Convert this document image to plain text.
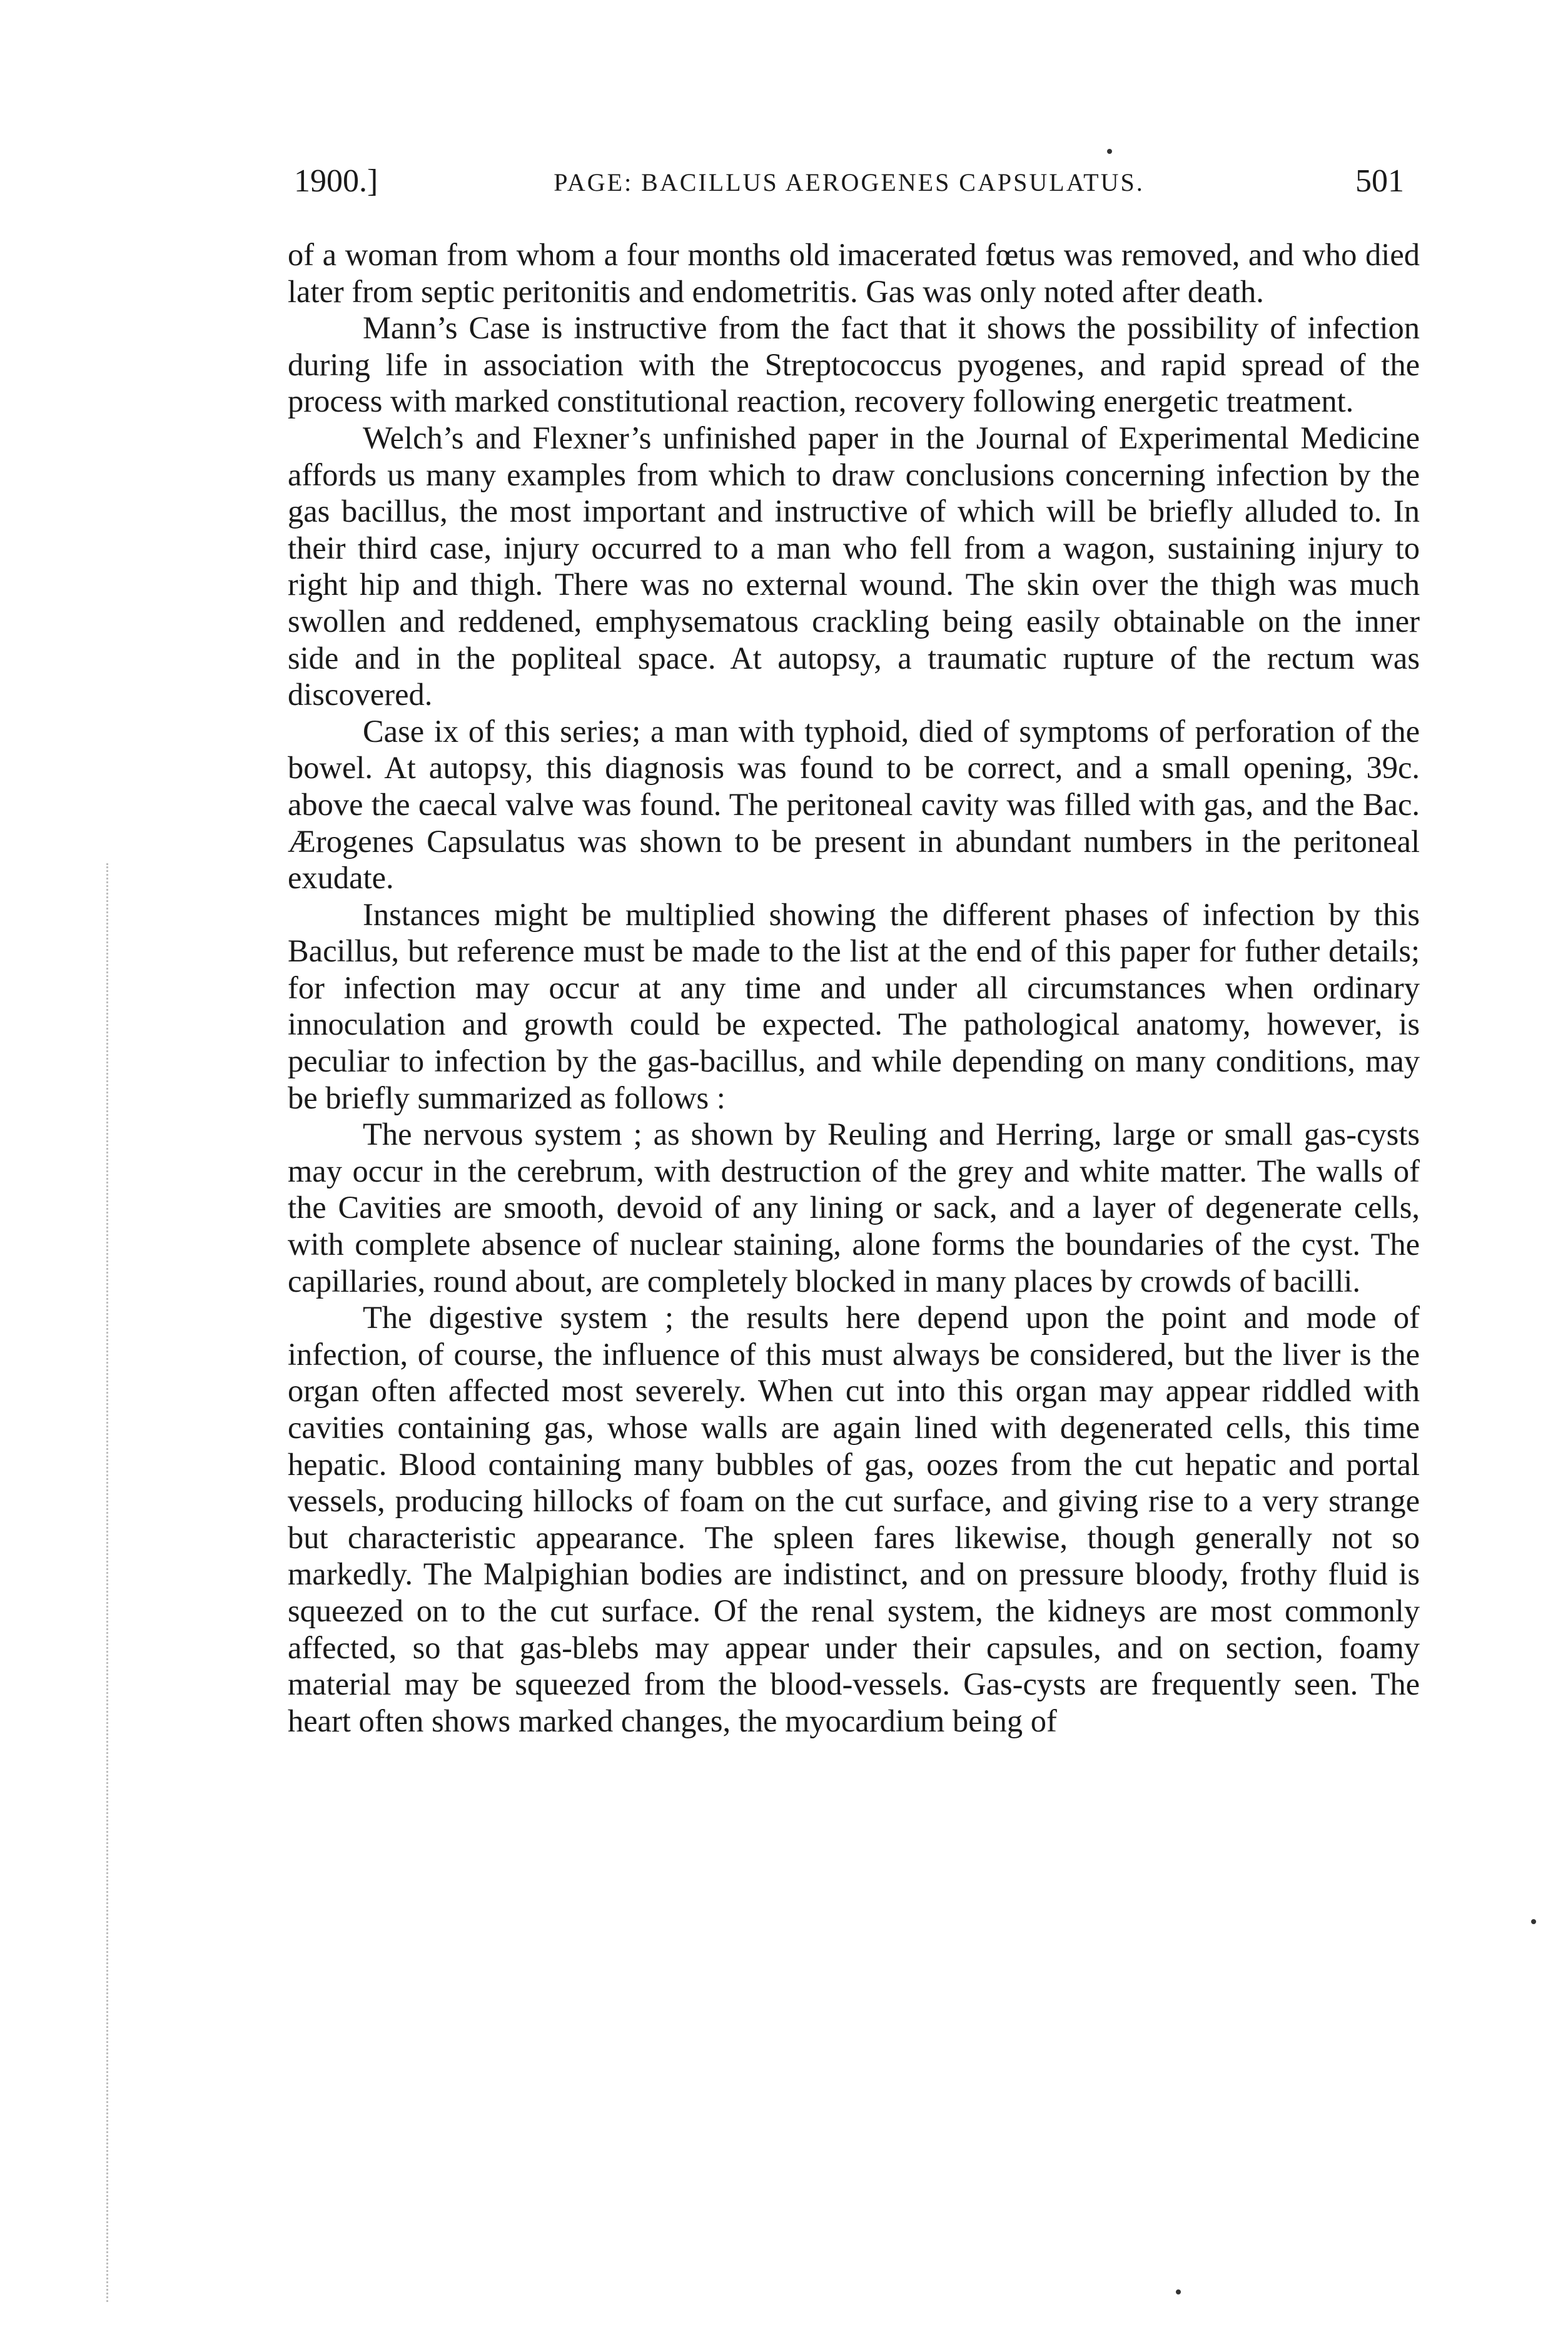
1900.]	PAGE: BACILLUS AEROGENES CAPSULATUS.	501

of a woman from whom a four months old imacerated fœtus was removed, and who died later from septic peritonitis and endometritis. Gas was only noted after death.

Mann’s Case is instructive from the fact that it shows the possibility of infection during life in association with the Streptococcus pyogenes, and rapid spread of the process with marked constitutional reaction, recovery following energetic treatment.

Welch’s and Flexner’s unfinished paper in the Journal of Experimental Medicine affords us many examples from which to draw conclusions concerning infection by the gas bacillus, the most important and instructive of which will be briefly alluded to. In their third case, injury occurred to a man who fell from a wagon, sustaining injury to right hip and thigh. There was no external wound. The skin over the thigh was much swollen and reddened, emphysematous crackling being easily obtainable on the inner side and in the popliteal space. At autopsy, a traumatic rupture of the rectum was discovered.

Case ix of this series; a man with typhoid, died of symptoms of perforation of the bowel. At autopsy, this diagnosis was found to be correct, and a small opening, 39c. above the caecal valve was found. The peritoneal cavity was filled with gas, and the Bac. Ærogenes Capsulatus was shown to be present in abundant numbers in the peritoneal exudate.

Instances might be multiplied showing the different phases of infection by this Bacillus, but reference must be made to the list at the end of this paper for futher details; for infection may occur at any time and under all circumstances when ordinary innoculation and growth could be expected. The pathological anatomy, however, is peculiar to infection by the gas-bacillus, and while depending on many conditions, may be briefly summarized as follows :

The nervous system ; as shown by Reuling and Herring, large or small gas-cysts may occur in the cerebrum, with destruction of the grey and white matter. The walls of the Cavities are smooth, devoid of any lining or sack, and a layer of degenerate cells, with complete absence of nuclear staining, alone forms the boundaries of the cyst. The capillaries, round about, are completely blocked in many places by crowds of bacilli.

The digestive system ; the results here depend upon the point and mode of infection, of course, the influence of this must always be considered, but the liver is the organ often affected most severely. When cut into this organ may appear riddled with cavities containing gas, whose walls are again lined with degenerated cells, this time hepatic. Blood containing many bubbles of gas, oozes from the cut hepatic and portal vessels, producing hillocks of foam on the cut surface, and giving rise to a very strange but characteristic appearance. The spleen fares likewise, though generally not so markedly. The Malpighian bodies are indistinct, and on pressure bloody, frothy fluid is squeezed on to the cut surface. Of the renal system, the kidneys are most commonly affected, so that gas-blebs may appear under their capsules, and on section, foamy material may be squeezed from the blood-vessels. Gas-cysts are frequently seen. The heart often shows marked changes, the myocardium being of
